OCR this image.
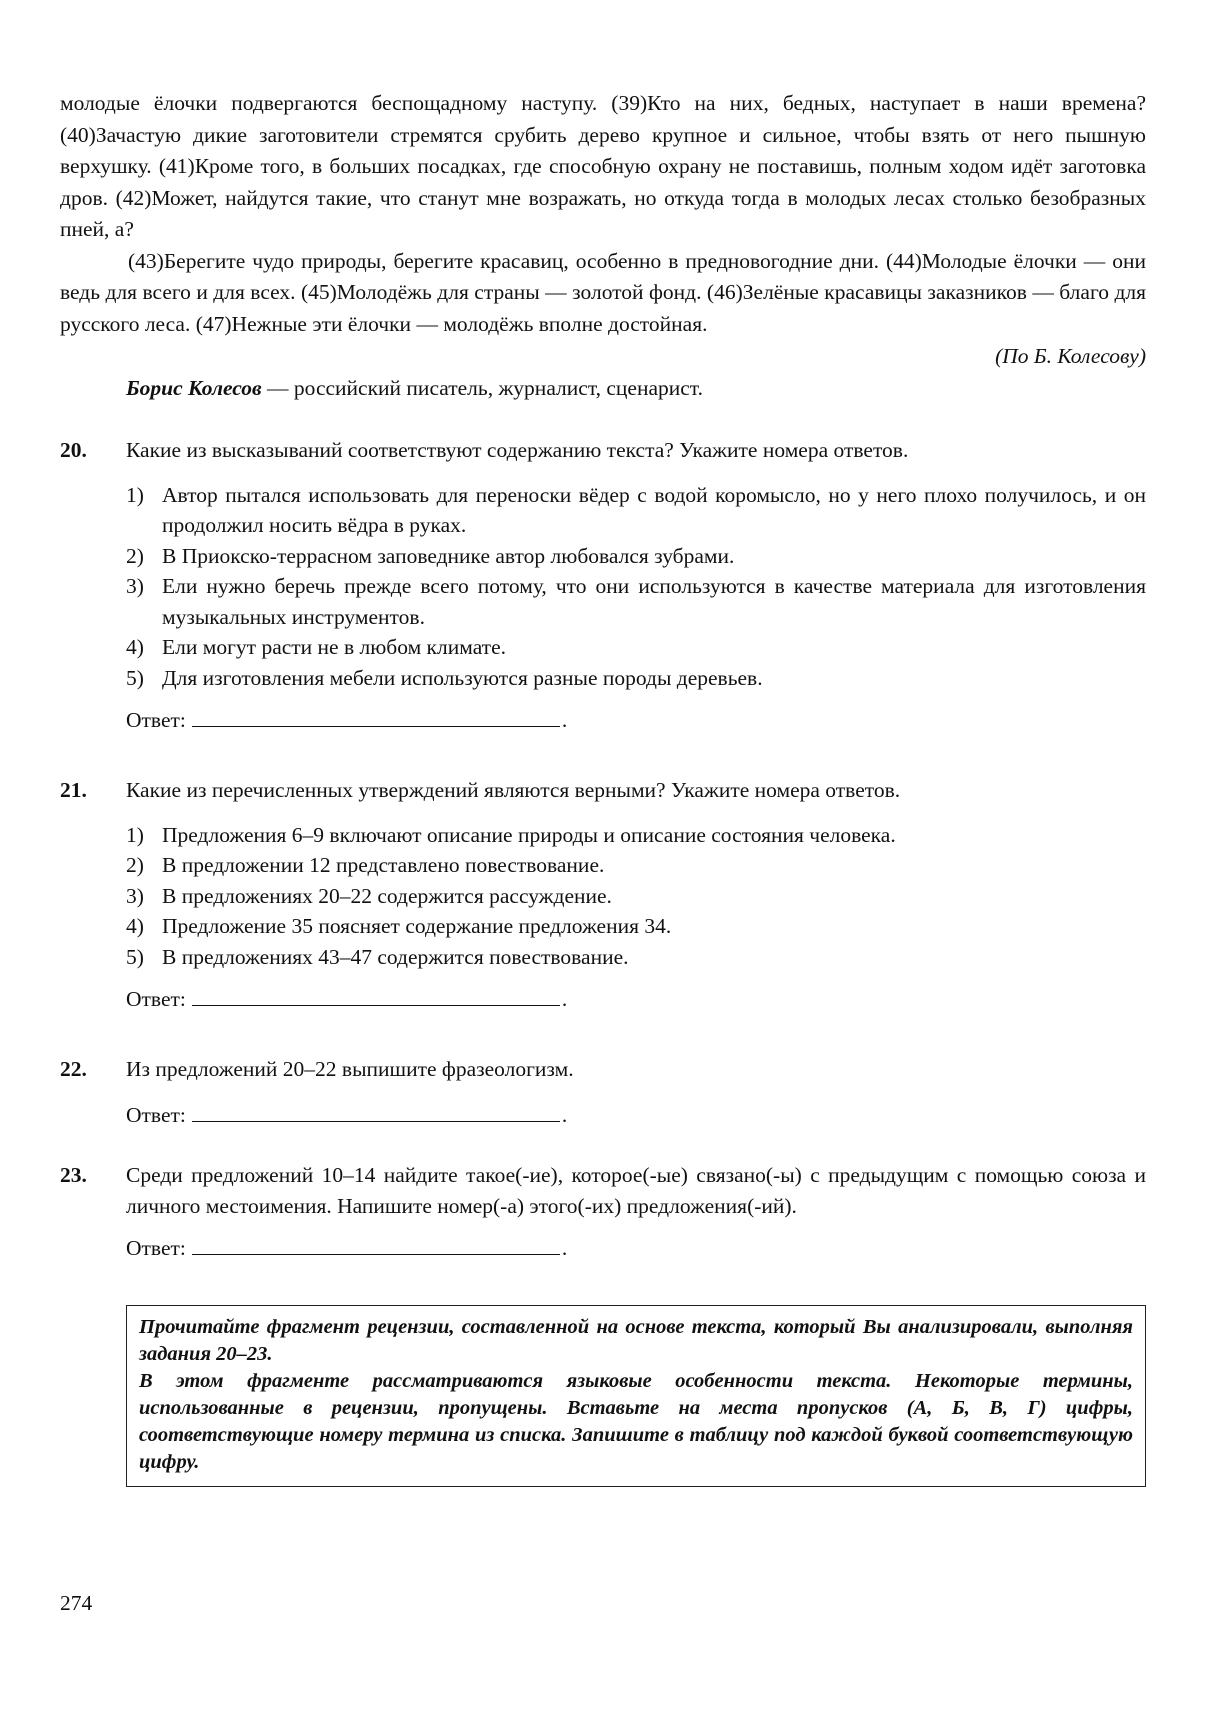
молодые ёлочки подвергаются беспощадному наступу. (39)Кто на них, бедных, наступает в наши времена? (40)Зачастую дикие заготовители стремятся срубить дерево крупное и сильное, чтобы взять от него пышную верхушку. (41)Кроме того, в больших посадках, где способную охрану не поставишь, полным ходом идёт заготовка дров. (42)Может, найдутся такие, что станут мне возражать, но откуда тогда в молодых лесах столько безобразных пней, а?

(43)Берегите чудо природы, берегите красавиц, особенно в предновогодние дни. (44)Молодые ёлочки — они ведь для всего и для всех. (45)Молодёжь для страны — золотой фонд. (46)Зелёные красавицы заказников — благо для русского леса. (47)Нежные эти ёлочки — молодёжь вполне достойная.

(По Б. Колесову)

Борис Колесов — российский писатель, журналист, сценарист.

20. Какие из высказываний соответствуют содержанию текста? Укажите номера ответов.

1) Автор пытался использовать для переноски вёдер с водой коромысло, но у него плохо получилось, и он продолжил носить вёдра в руках.
2) В Приокско-террасном заповеднике автор любовался зубрами.
3) Ели нужно беречь прежде всего потому, что они используются в качестве материала для изготовления музыкальных инструментов.
4) Ели могут расти не в любом климате.
5) Для изготовления мебели используются разные породы деревьев.
Ответ:	.
21. Какие из перечисленных утверждений являются верными? Укажите номера ответов.

1) Предложения 6–9 включают описание природы и описание состояния человека.
2) В предложении 12 представлено повествование.
3) В предложениях 20–22 содержится рассуждение.
4) Предложение 35 поясняет содержание предложения 34.
5) В предложениях 43–47 содержится повествование.
Ответ:	.
22. Из предложений 20–22 выпишите фразеологизм.

Ответ:	.
23. Среди предложений 10–14 найдите такое(-ие), которое(-ые) связано(-ы) с предыдущим с помощью союза и личного местоимения. Напишите номер(-а) этого(-их) предложения(-ий).

Ответ:	.

Прочитайте фрагмент рецензии, составленной на основе текста, который Вы анализировали, выполняя задания 20–23.

В этом фрагменте рассматриваются языковые особенности текста. Некоторые термины, использованные в рецензии, пропущены. Вставьте на места пропусков (А, Б, В, Г) цифры, соответствующие номеру термина из списка. Запишите в таблицу под каждой буквой соответствующую цифру.

274
